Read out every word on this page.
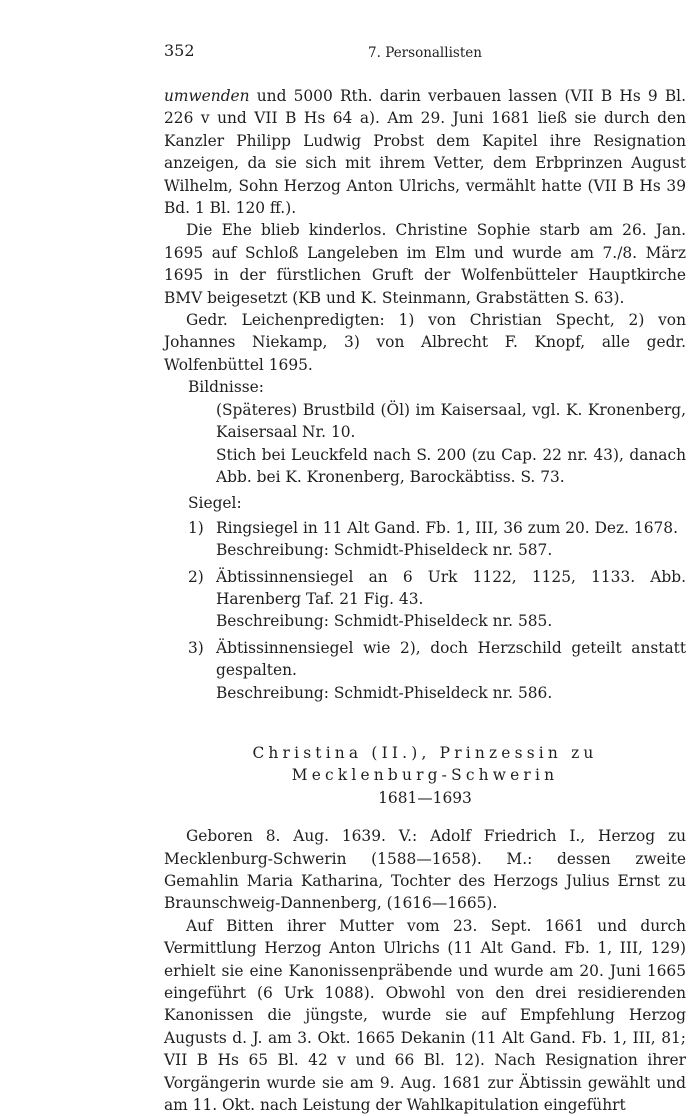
352	7. Personallisten

umwenden und 5000 Rth. darin verbauen lassen (VII B Hs 9 Bl. 226 v und VII B Hs 64 a). Am 29. Juni 1681 ließ sie durch den Kanzler Philipp Ludwig Probst dem Kapitel ihre Resignation anzeigen, da sie sich mit ihrem Vetter, dem Erbprinzen August Wilhelm, Sohn Herzog Anton Ulrichs, vermählt hatte (VII B Hs 39 Bd. 1 Bl. 120 ff.).

Die Ehe blieb kinderlos. Christine Sophie starb am 26. Jan. 1695 auf Schloß Langeleben im Elm und wurde am 7./8. März 1695 in der fürstlichen Gruft der Wolfenbütteler Hauptkirche BMV beigesetzt (KB und K. Steinmann, Grabstätten S. 63).

Gedr. Leichenpredigten: 1) von Christian Specht, 2) von Johannes Niekamp, 3) von Albrecht F. Knopf, alle gedr. Wolfenbüttel 1695.

Bildnisse:

(Späteres) Brustbild (Öl) im Kaisersaal, vgl. K. Kronenberg, Kaisersaal Nr. 10.

Stich bei Leuckfeld nach S. 200 (zu Cap. 22 nr. 43), danach Abb. bei K. Kronenberg, Barockäbtiss. S. 73.

Siegel:

1) Ringsiegel in 11 Alt Gand. Fb. 1, III, 36 zum 20. Dez. 1678.
Beschreibung: Schmidt-Phiseldeck nr. 587.
2) Äbtissinnensiegel an 6 Urk 1122, 1125, 1133. Abb. Harenberg Taf. 21 Fig. 43.
Beschreibung: Schmidt-Phiseldeck nr. 585.
3) Äbtissinnensiegel wie 2), doch Herzschild geteilt anstatt gespalten.
Beschreibung: Schmidt-Phiseldeck nr. 586.
Christina (II.), Prinzessin zu
Mecklenburg-Schwerin
1681—1693

Geboren 8. Aug. 1639. V.: Adolf Friedrich I., Herzog zu Mecklenburg-Schwerin (1588—1658). M.: dessen zweite Gemahlin Maria Katharina, Tochter des Herzogs Julius Ernst zu Braunschweig-Dannenberg, (1616—1665).

Auf Bitten ihrer Mutter vom 23. Sept. 1661 und durch Vermittlung Herzog Anton Ulrichs (11 Alt Gand. Fb. 1, III, 129) erhielt sie eine Kanonissenpräbende und wurde am 20. Juni 1665 eingeführt (6 Urk 1088). Obwohl von den drei residierenden Kanonissen die jüngste, wurde sie auf Empfehlung Herzog Augusts d. J. am 3. Okt. 1665 Dekanin (11 Alt Gand. Fb. 1, III, 81; VII B Hs 65 Bl. 42 v und 66 Bl. 12). Nach Resignation ihrer Vorgängerin wurde sie am 9. Aug. 1681 zur Äbtissin gewählt und am 11. Okt. nach Leistung der Wahlkapitulation eingeführt
